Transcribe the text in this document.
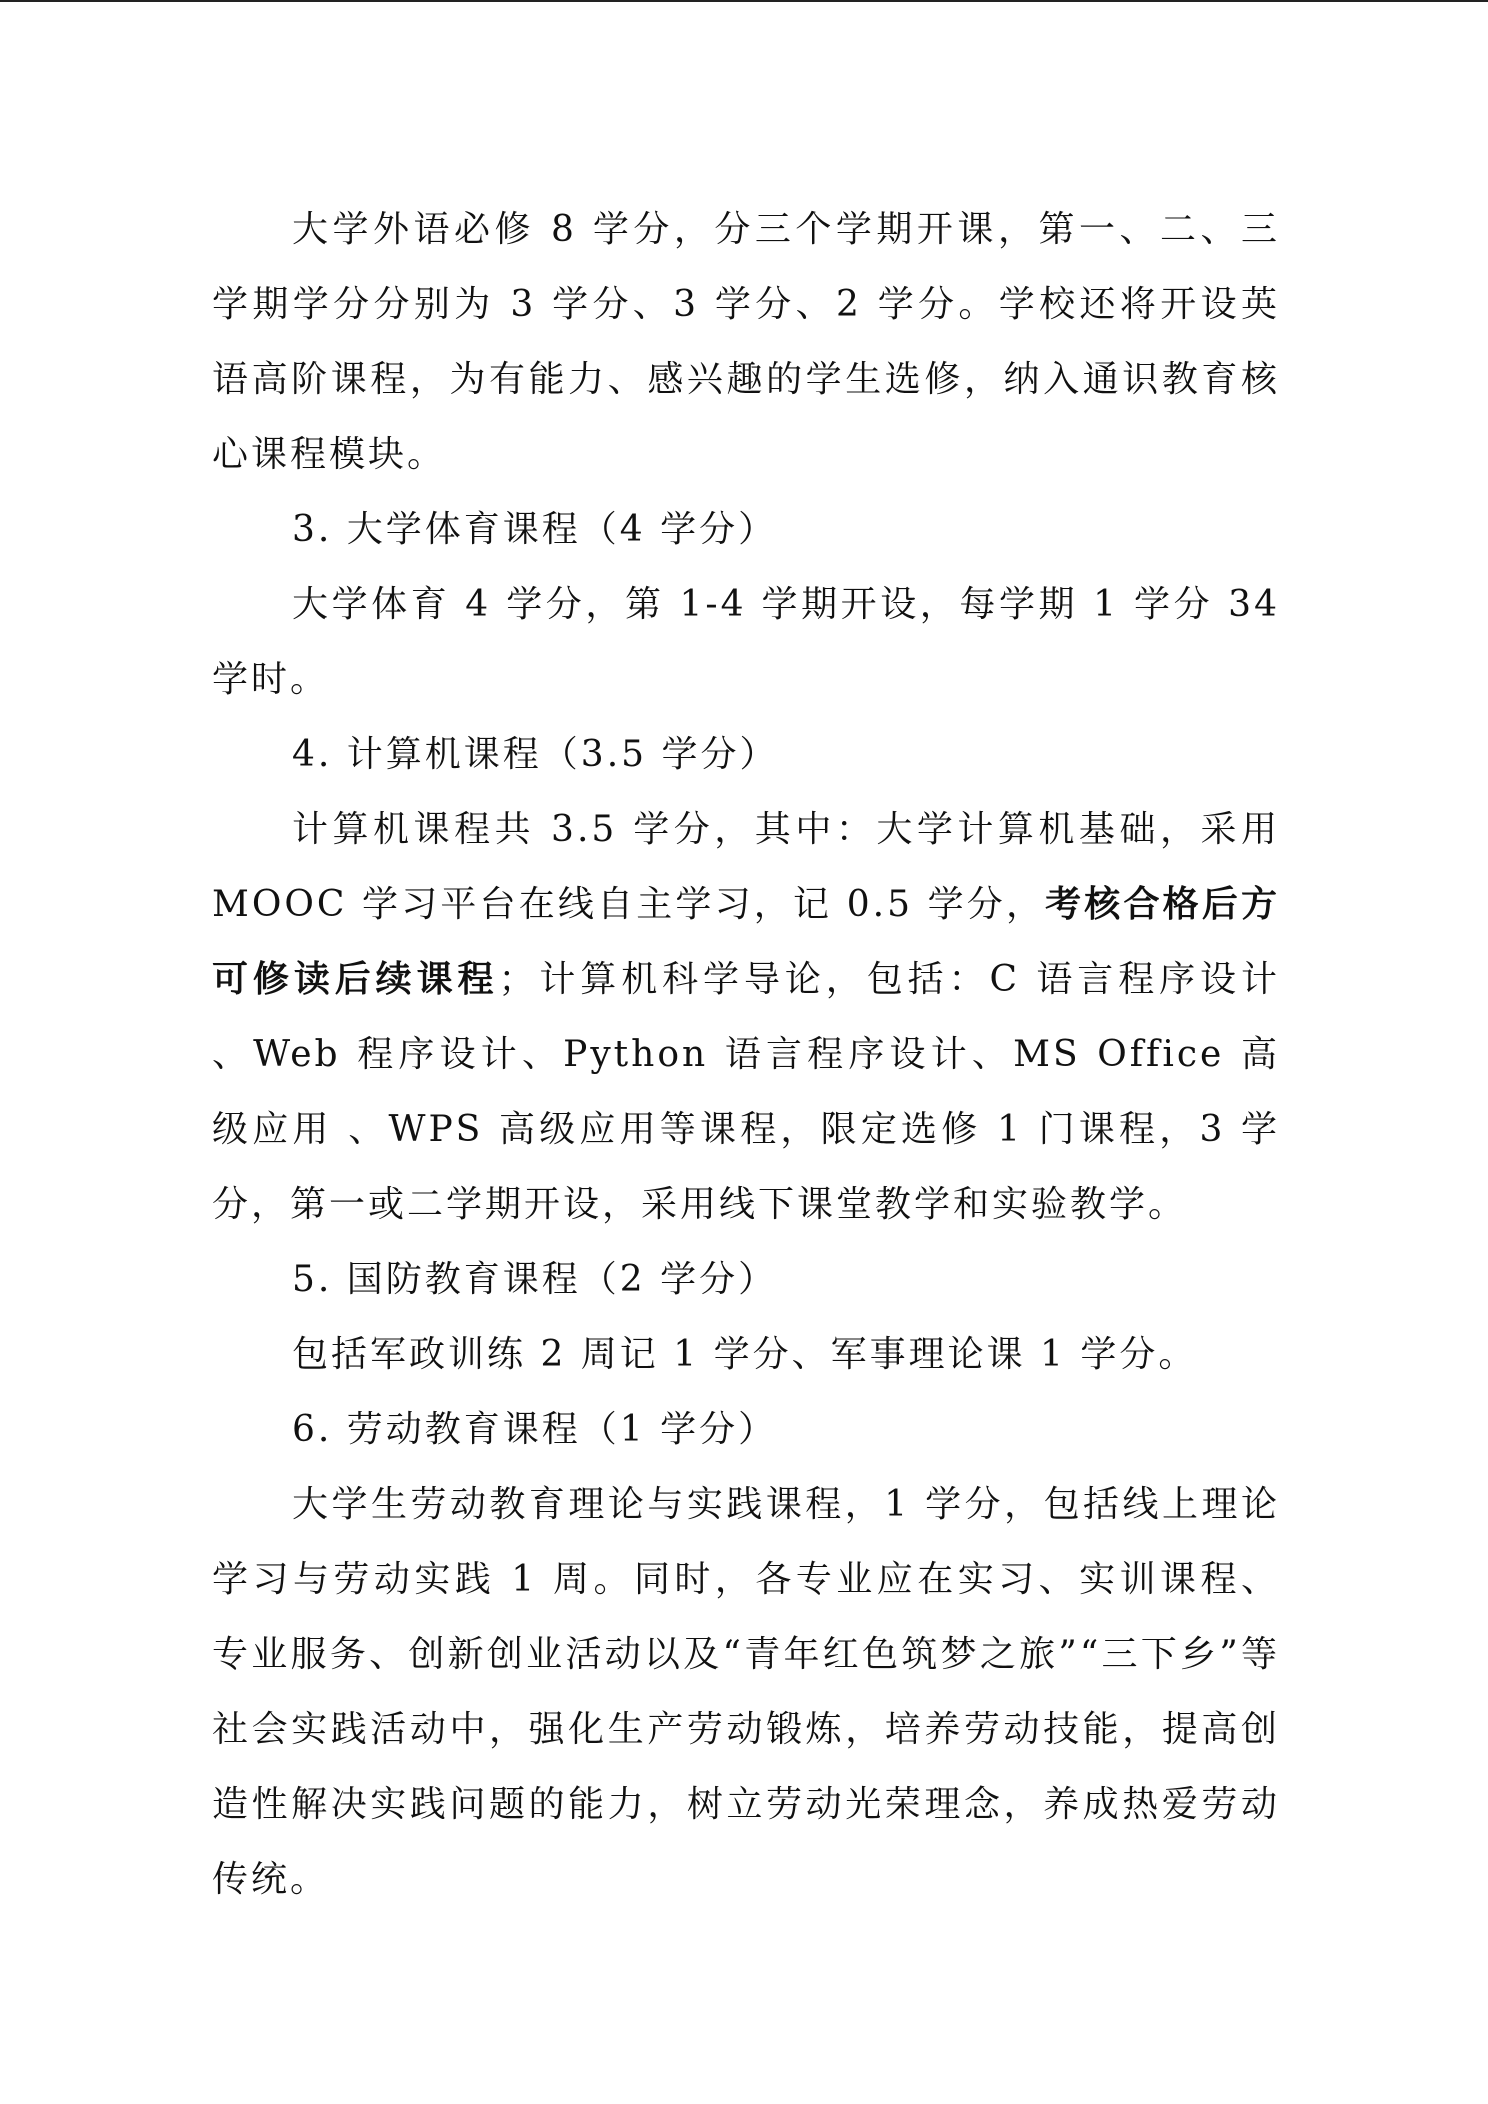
大学外语必修 8 学分，分三个学期开课，第一、二、三学期学分分别为 3 学分、3 学分、2 学分。学校还将开设英语高阶课程，为有能力、感兴趣的学生选修，纳入通识教育核心课程模块。

3. 大学体育课程（4 学分）

大学体育 4 学分，第 1-4 学期开设，每学期 1 学分 34 学时。

4. 计算机课程（3.5 学分）

计算机课程共 3.5 学分，其中：大学计算机基础，采用 MOOC 学习平台在线自主学习，记 0.5 学分，考核合格后方可修读后续课程；计算机科学导论，包括：C 语言程序设计 、Web 程序设计、Python 语言程序设计、MS Office 高级应用 、WPS 高级应用等课程，限定选修 1 门课程，3 学分，第一或二学期开设，采用线下课堂教学和实验教学。

5. 国防教育课程（2 学分）

包括军政训练 2 周记 1 学分、军事理论课 1 学分。

6. 劳动教育课程（1 学分）

大学生劳动教育理论与实践课程，1 学分，包括线上理论学习与劳动实践 1 周。同时，各专业应在实习、实训课程、专业服务、创新创业活动以及“青年红色筑梦之旅”“三下乡”等社会实践活动中，强化生产劳动锻炼，培养劳动技能，提高创造性解决实践问题的能力，树立劳动光荣理念，养成热爱劳动传统。
